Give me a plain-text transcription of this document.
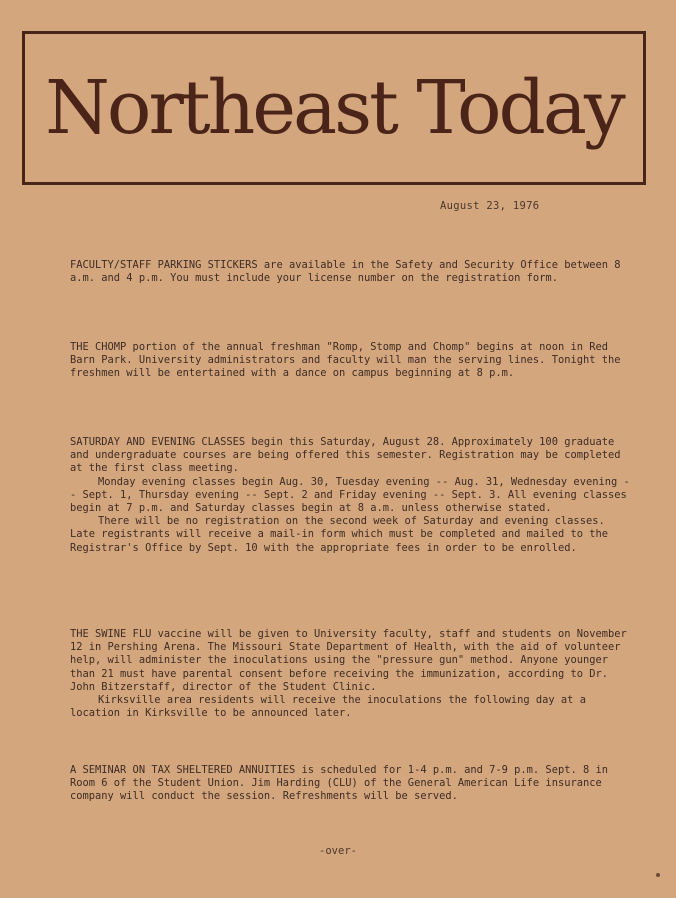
Northeast Today
August 23, 1976

FACULTY/STAFF PARKING STICKERS are available in the Safety and Security Office between 8 a.m. and 4 p.m. You must include your license number on the registration form.

THE CHOMP portion of the annual freshman "Romp, Stomp and Chomp" begins at noon in Red Barn Park. University administrators and faculty will man the serving lines. Tonight the freshmen will be entertained with a dance on campus beginning at 8 p.m.

SATURDAY AND EVENING CLASSES begin this Saturday, August 28. Approximately 100 graduate and undergraduate courses are being offered this semester. Registration may be completed at the first class meeting.

Monday evening classes begin Aug. 30, Tuesday evening -- Aug. 31, Wednesday evening -- Sept. 1, Thursday evening -- Sept. 2 and Friday evening -- Sept. 3. All evening classes begin at 7 p.m. and Saturday classes begin at 8 a.m. unless otherwise stated.

There will be no registration on the second week of Saturday and evening classes. Late registrants will receive a mail-in form which must be completed and mailed to the Registrar's Office by Sept. 10 with the appropriate fees in order to be enrolled.

THE SWINE FLU vaccine will be given to University faculty, staff and students on November 12 in Pershing Arena. The Missouri State Department of Health, with the aid of volunteer help, will administer the inoculations using the "pressure gun" method. Anyone younger than 21 must have parental consent before receiving the immunization, according to Dr. John Bitzerstaff, director of the Student Clinic.

Kirksville area residents will receive the inoculations the following day at a location in Kirksville to be announced later.

A SEMINAR ON TAX SHELTERED ANNUITIES is scheduled for 1-4 p.m. and 7-9 p.m. Sept. 8 in Room 6 of the Student Union. Jim Harding (CLU) of the General American Life insurance company will conduct the session. Refreshments will be served.

-over-
